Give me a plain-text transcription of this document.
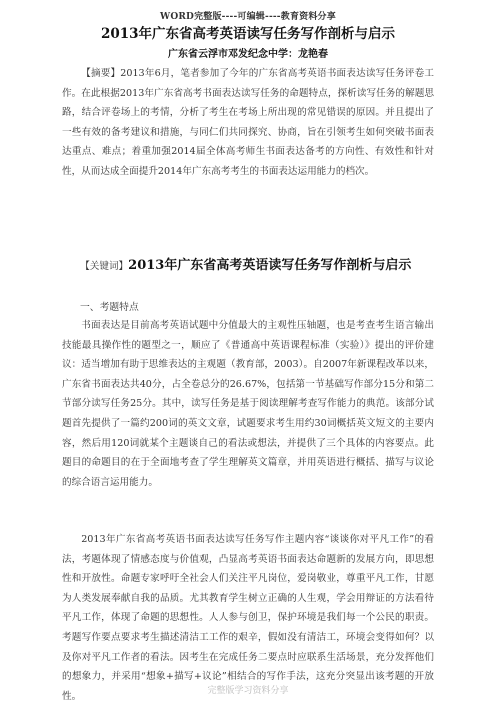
WORD完整版----可编辑----教育资料分享
2013年广东省高考英语读写任务写作剖析与启示
广东省云浮市邓发纪念中学：龙艳春

【摘要】2013年6月，笔者参加了今年的广东省高考英语书面表达读写任务评卷工作。在此根据2013年广东省高考书面表达读写任务的命题特点，探析读写任务的解题思路，结合评卷场上的考情，分析了考生在考场上所出现的常见错误的原因。并且提出了一些有效的备考建议和措施，与同仁们共同探究、协商，旨在引领考生如何突破书面表达重点、难点；着重加强2014届全体高考师生书面表达备考的方向性、有效性和针对性，从而达成全面提升2014年广东高考考生的书面表达运用能力的档次。

【关键词】2013年广东省高考英语读写任务写作剖析与启示

一、考题特点

书面表达是目前高考英语试题中分值最大的主观性压轴题，也是考查考生语言输出技能最具操作性的题型之一，顺应了《普通高中英语课程标准（实验）》提出的评价建议：适当增加有助于思维表达的主观题（教育部，2003）。自2007年新课程改革以来，广东省书面表达共40分，占全卷总分的26.67%，包括第一节基础写作部分15分和第二节部分读写任务25分。其中，读写任务是基于阅读理解考查写作能力的典范。该部分试题首先提供了一篇约200词的英文文章，试题要求考生用约30词概括英文短文的主要内容，然后用120词就某个主题谈自己的看法或想法，并提供了三个具体的内容要点。此题目的命题目的在于全面地考查了学生理解英文篇章，并用英语进行概括、描写与议论的综合语言运用能力。

2013年广东省高考英语书面表达读写任务写作主题内容“谈谈你对平凡工作”的看法，考题体现了情感态度与价值观，凸显高考英语书面表达命题新的发展方向，即思想性和开放性。命题专家呼吁全社会人们关注平凡岗位，爱岗敬业，尊重平凡工作，甘愿为人类发展奉献自我的品质。尤其教育学生树立正确的人生观，学会用辩证的方法看待平凡工作，体现了命题的思想性。人人参与创卫，保护环境是我们每一个公民的职责。考题写作要点要求考生描述清洁工工作的艰辛，假如没有清洁工，环境会变得如何？以及你对平凡工作者的看法。因考生在完成任务二要点时应联系生活场景，充分发挥他们的想象力，并采用“想象+描写+议论”相结合的写作手法，这充分突显出该考题的开放性。	完整版学习资料分享
